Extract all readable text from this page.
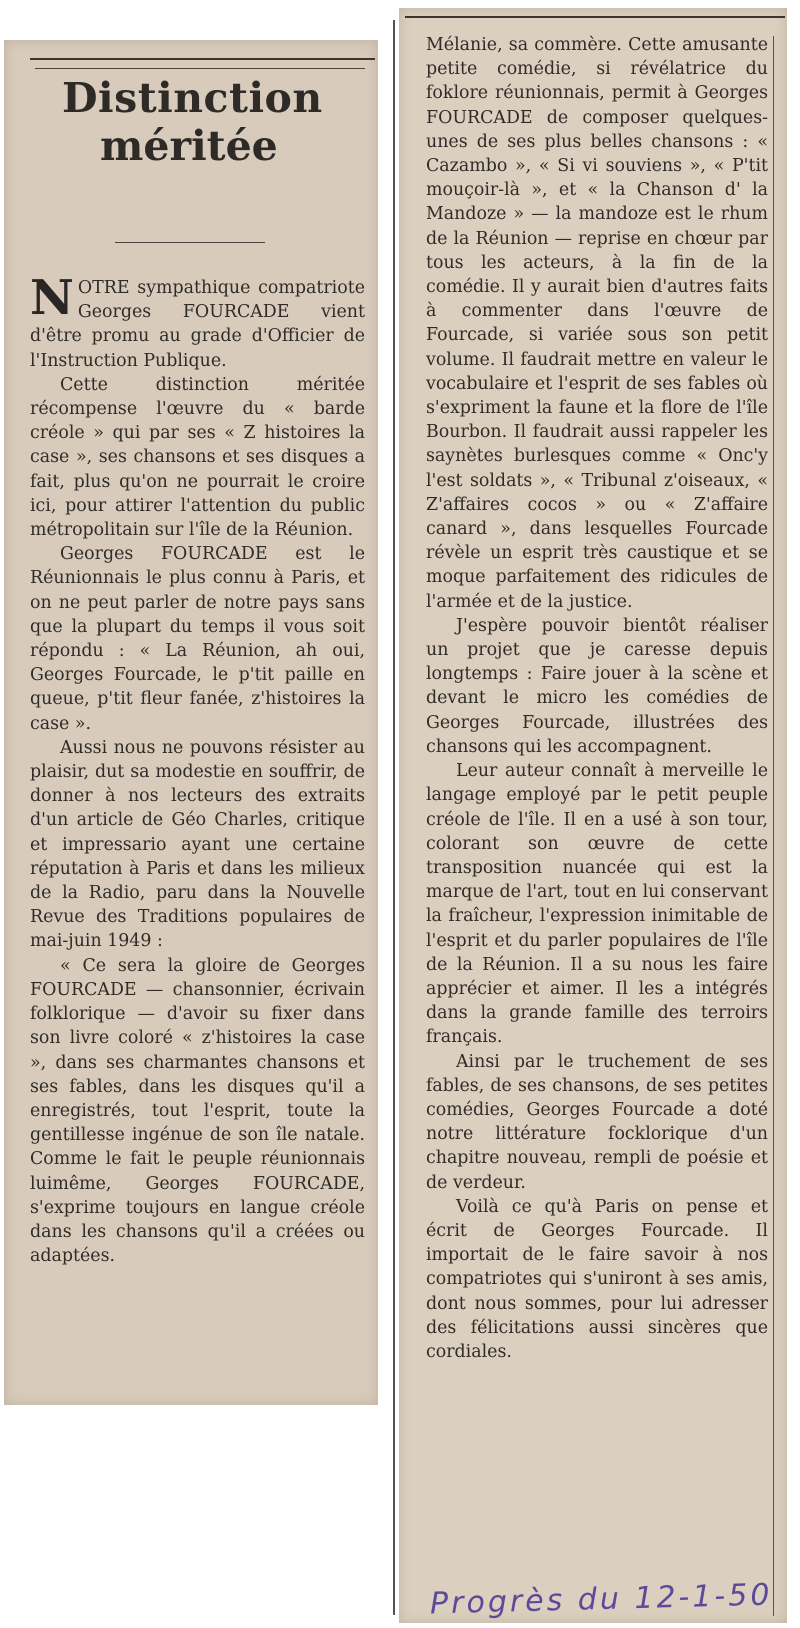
Distinction
méritée

NOTRE sympathique compatriote Georges FOURCADE vient d'être promu au grade d'Officier de l'Instruction Publique.

Cette distinction méritée récompense l'œuvre du « barde créole » qui par ses « Z histoires la case », ses chansons et ses disques a fait, plus qu'on ne pourrait le croire ici, pour attirer l'attention du public métropolitain sur l'île de la Réunion.

Georges FOURCADE est le Réunionnais le plus connu à Paris, et on ne peut parler de notre pays sans que la plupart du temps il vous soit répondu : « La Réunion, ah oui, Georges Fourcade, le p'tit paille en queue, p'tit fleur fanée, z'histoires la case ».

Aussi nous ne pouvons résister au plaisir, dut sa modestie en souffrir, de donner à nos lecteurs des extraits d'un article de Géo Charles, critique et impressario ayant une certaine réputation à Paris et dans les milieux de la Radio, paru dans la Nouvelle Revue des Traditions populaires de mai-juin 1949 :

« Ce sera la gloire de Georges FOURCADE — chansonnier, écrivain folklorique — d'avoir su fixer dans son livre coloré « z'histoires la case », dans ses charmantes chansons et ses fables, dans les disques qu'il a enregistrés, tout l'esprit, toute la gentillesse ingénue de son île natale. Comme le fait le peuple réunionnais luimême, Georges FOURCADE, s'exprime toujours en langue créole dans les chansons qu'il a créées ou adaptées.

Mélanie, sa commère. Cette amusante petite comédie, si révélatrice du foklore réunionnais, permit à Georges FOURCADE de composer quelques-unes de ses plus belles chansons : « Cazambo », « Si vi souviens », « P'tit mouçoir-là », et « la Chanson d' la Mandoze » — la mandoze est le rhum de la Réunion — reprise en chœur par tous les acteurs, à la fin de la comédie. Il y aurait bien d'autres faits à commenter dans l'œuvre de Fourcade, si variée sous son petit volume. Il faudrait mettre en valeur le vocabulaire et l'esprit de ses fables où s'expriment la faune et la flore de l'île Bourbon. Il faudrait aussi rappeler les saynètes burlesques comme « Onc'y l'est soldats », « Tribunal z'oiseaux, « Z'affaires cocos » ou « Z'affaire canard », dans lesquelles Fourcade révèle un esprit très caustique et se moque parfaitement des ridicules de l'armée et de la justice.

J'espère pouvoir bientôt réaliser un projet que je caresse depuis longtemps : Faire jouer à la scène et devant le micro les comédies de Georges Fourcade, illustrées des chansons qui les accompagnent.

Leur auteur connaît à merveille le langage employé par le petit peuple créole de l'île. Il en a usé à son tour, colorant son œuvre de cette transposition nuancée qui est la marque de l'art, tout en lui conservant la fraîcheur, l'expression inimitable de l'esprit et du parler populaires de l'île de la Réunion. Il a su nous les faire apprécier et aimer. Il les a intégrés dans la grande famille des terroirs français.

Ainsi par le truchement de ses fables, de ses chansons, de ses petites comédies, Georges Fourcade a doté notre littérature focklorique d'un chapitre nouveau, rempli de poésie et de verdeur.

Voilà ce qu'à Paris on pense et écrit de Georges Fourcade. Il importait de le faire savoir à nos compatriotes qui s'uniront à ses amis, dont nous sommes, pour lui adresser des félicitations aussi sincères que cordiales.

Progrès du 12-1-50
